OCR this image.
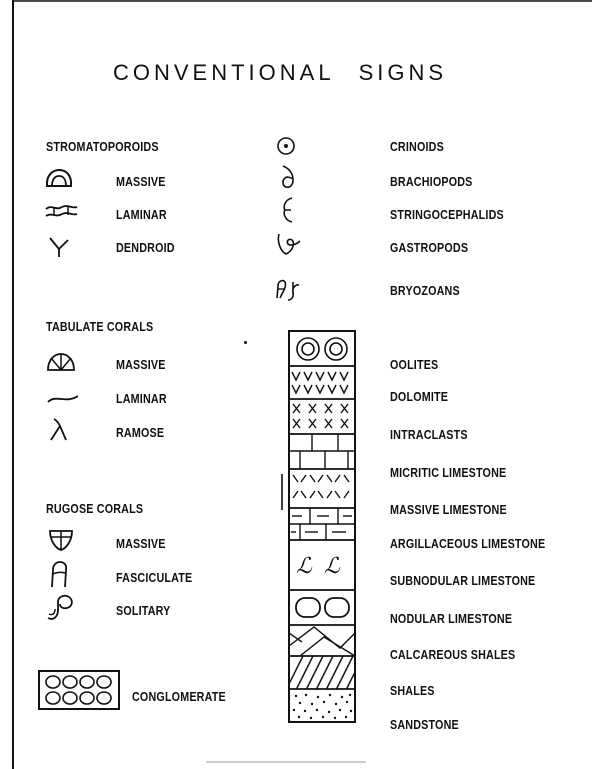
CONVENTIONAL SIGNS
STROMATOPOROIDS
MASSIVE
LAMINAR
DENDROID
TABULATE CORALS
MASSIVE
LAMINAR
RAMOSE
RUGOSE CORALS
MASSIVE
FASCICULATE
SOLITARY
CONGLOMERATE
CRINOIDS
BRACHIOPODS
STRINGOCEPHALIDS
GASTROPODS
BRYOZOANS
ℒ ℒ
OOLITES
DOLOMITE
INTRACLASTS
MICRITIC LIMESTONE
MASSIVE LIMESTONE
ARGILLACEOUS LIMESTONE
SUBNODULAR LIMESTONE
NODULAR LIMESTONE
CALCAREOUS SHALES
SHALES
SANDSTONE
